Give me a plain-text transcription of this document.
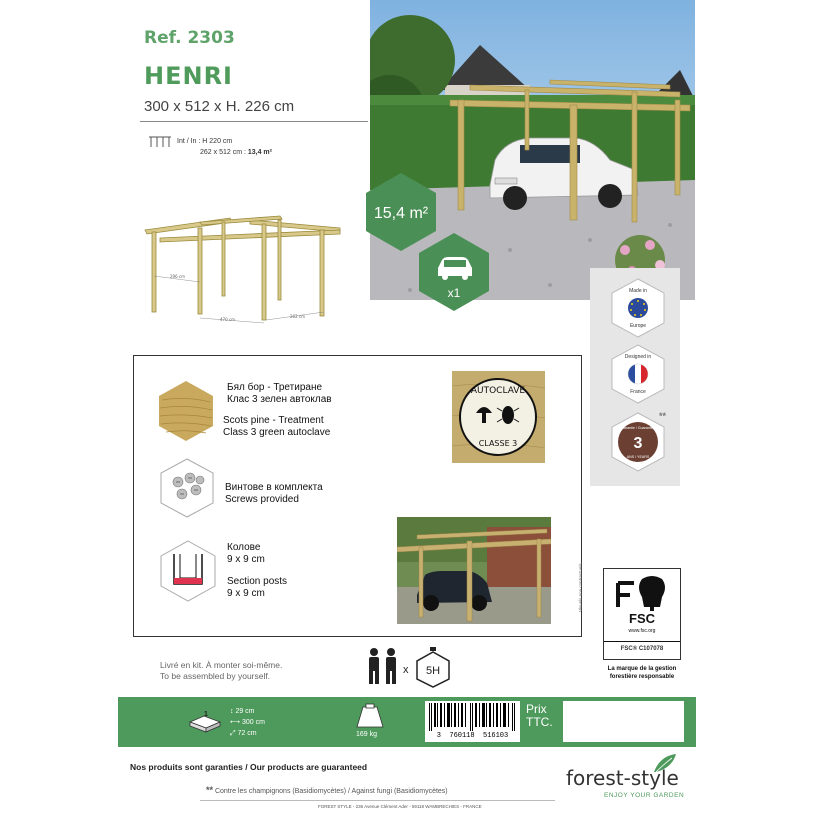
Ref. 2303
HENRI
300 x 512 x H. 226 cm
Int / In : H 220 cm
262 x 512 cm : 13,4 m²
296 cm
470 cm
262 cm
15,4 m²
x1	Made in
Europe
Designed in
France
3
Garantie / Guarantee
ANS / YEARS
**
Бял бор - Третиране
Клас 3 зелен автоклав
Scots pine - Treatment
Class 3 green autoclave
Винтове в комплекта
Screws provided
Колове
9 x 9 cm
Section posts
9 x 9 cm
AUTOCLAVE
CLASSE 3
Visuels non contractuels.
Livré en kit. À monter soi-même.
To be assembled by yourself.	x 5H
FSC
www.fsc.org
FSC® C107078
La marque de la gestion forestière responsable
1	↕ 29 cm
⟷ 300 cm
⤢ 72 cm	169 kg	3  760118  516103
Prix
TTC.
Nos produits sont garanties / Our products are guaranteed
** Contre les champignons (Basidiomycètes) / Against fungi (Basidiomycètes)
FOREST STYLE - 236 Avenue Clément Ader - 59118 WAMBRECHIES - FRANCE
forest-style
ENJOY YOUR GARDEN
